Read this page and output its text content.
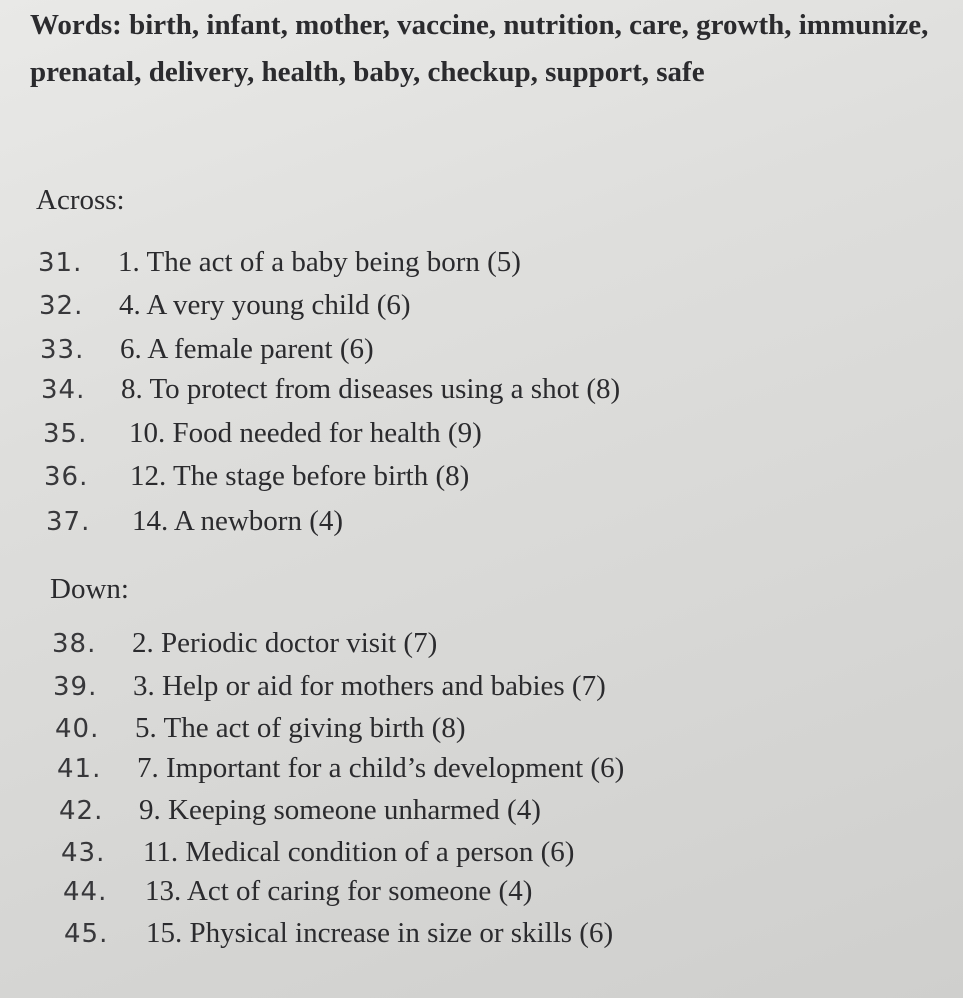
Words: birth, infant, mother, vaccine, nutrition, care, growth, immunize, prenatal, delivery, health, baby, checkup, support, safe
Across:
31. 1. The act of a baby being born (5)
32. 4. A very young child (6)
33. 6. A female parent (6)
34. 8. To protect from diseases using a shot (8)
35. 10. Food needed for health (9)
36. 12. The stage before birth (8)
37. 14. A newborn (4)
Down:
38. 2. Periodic doctor visit (7)
39. 3. Help or aid for mothers and babies (7)
40. 5. The act of giving birth (8)
41. 7. Important for a child’s development (6)
42. 9. Keeping someone unharmed (4)
43. 11. Medical condition of a person (6)
44. 13. Act of caring for someone (4)
45. 15. Physical increase in size or skills (6)
